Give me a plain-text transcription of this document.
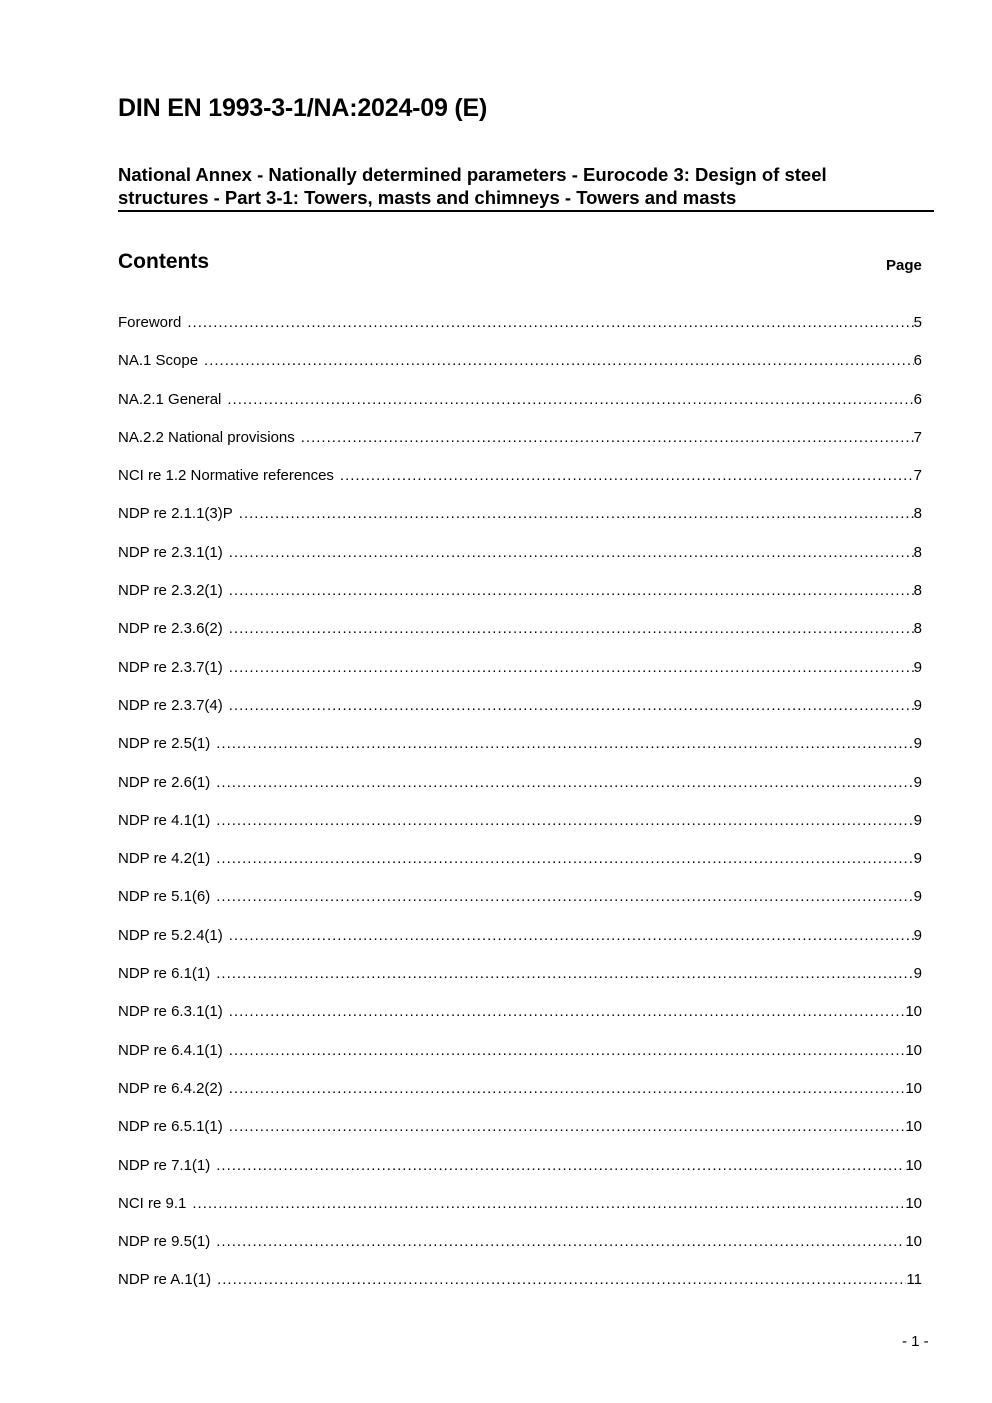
DIN EN 1993-3-1/NA:2024-09 (E)

National Annex - Nationally determined parameters - Eurocode 3: Design of steel

structures - Part 3-1: Towers, masts and chimneys - Towers and masts

Contents	Page
Foreword .....	5
NA.1 Scope .....	6
NA.2.1 General .....	6
NA.2.2 National provisions .....	7
NCI re 1.2 Normative references .....	7
NDP re 2.1.1(3)P .....	8
NDP re 2.3.1(1) .....	8
NDP re 2.3.2(1) .....	8
NDP re 2.3.6(2) .....	8
NDP re 2.3.7(1) .....	9
NDP re 2.3.7(4) .....	9
NDP re 2.5(1) .....	9
NDP re 2.6(1) .....	9
NDP re 4.1(1) .....	9
NDP re 4.2(1) .....	9
NDP re 5.1(6) .....	9
NDP re 5.2.4(1) .....	9
NDP re 6.1(1) .....	9
NDP re 6.3.1(1) .....	10
NDP re 6.4.1(1) .....	10
NDP re 6.4.2(2) .....	10
NDP re 6.5.1(1) .....	10
NDP re 7.1(1) .....	10
NCI re 9.1 .....	10
NDP re 9.5(1) .....	10
NDP re A.1(1) .....	11
- 1 -
